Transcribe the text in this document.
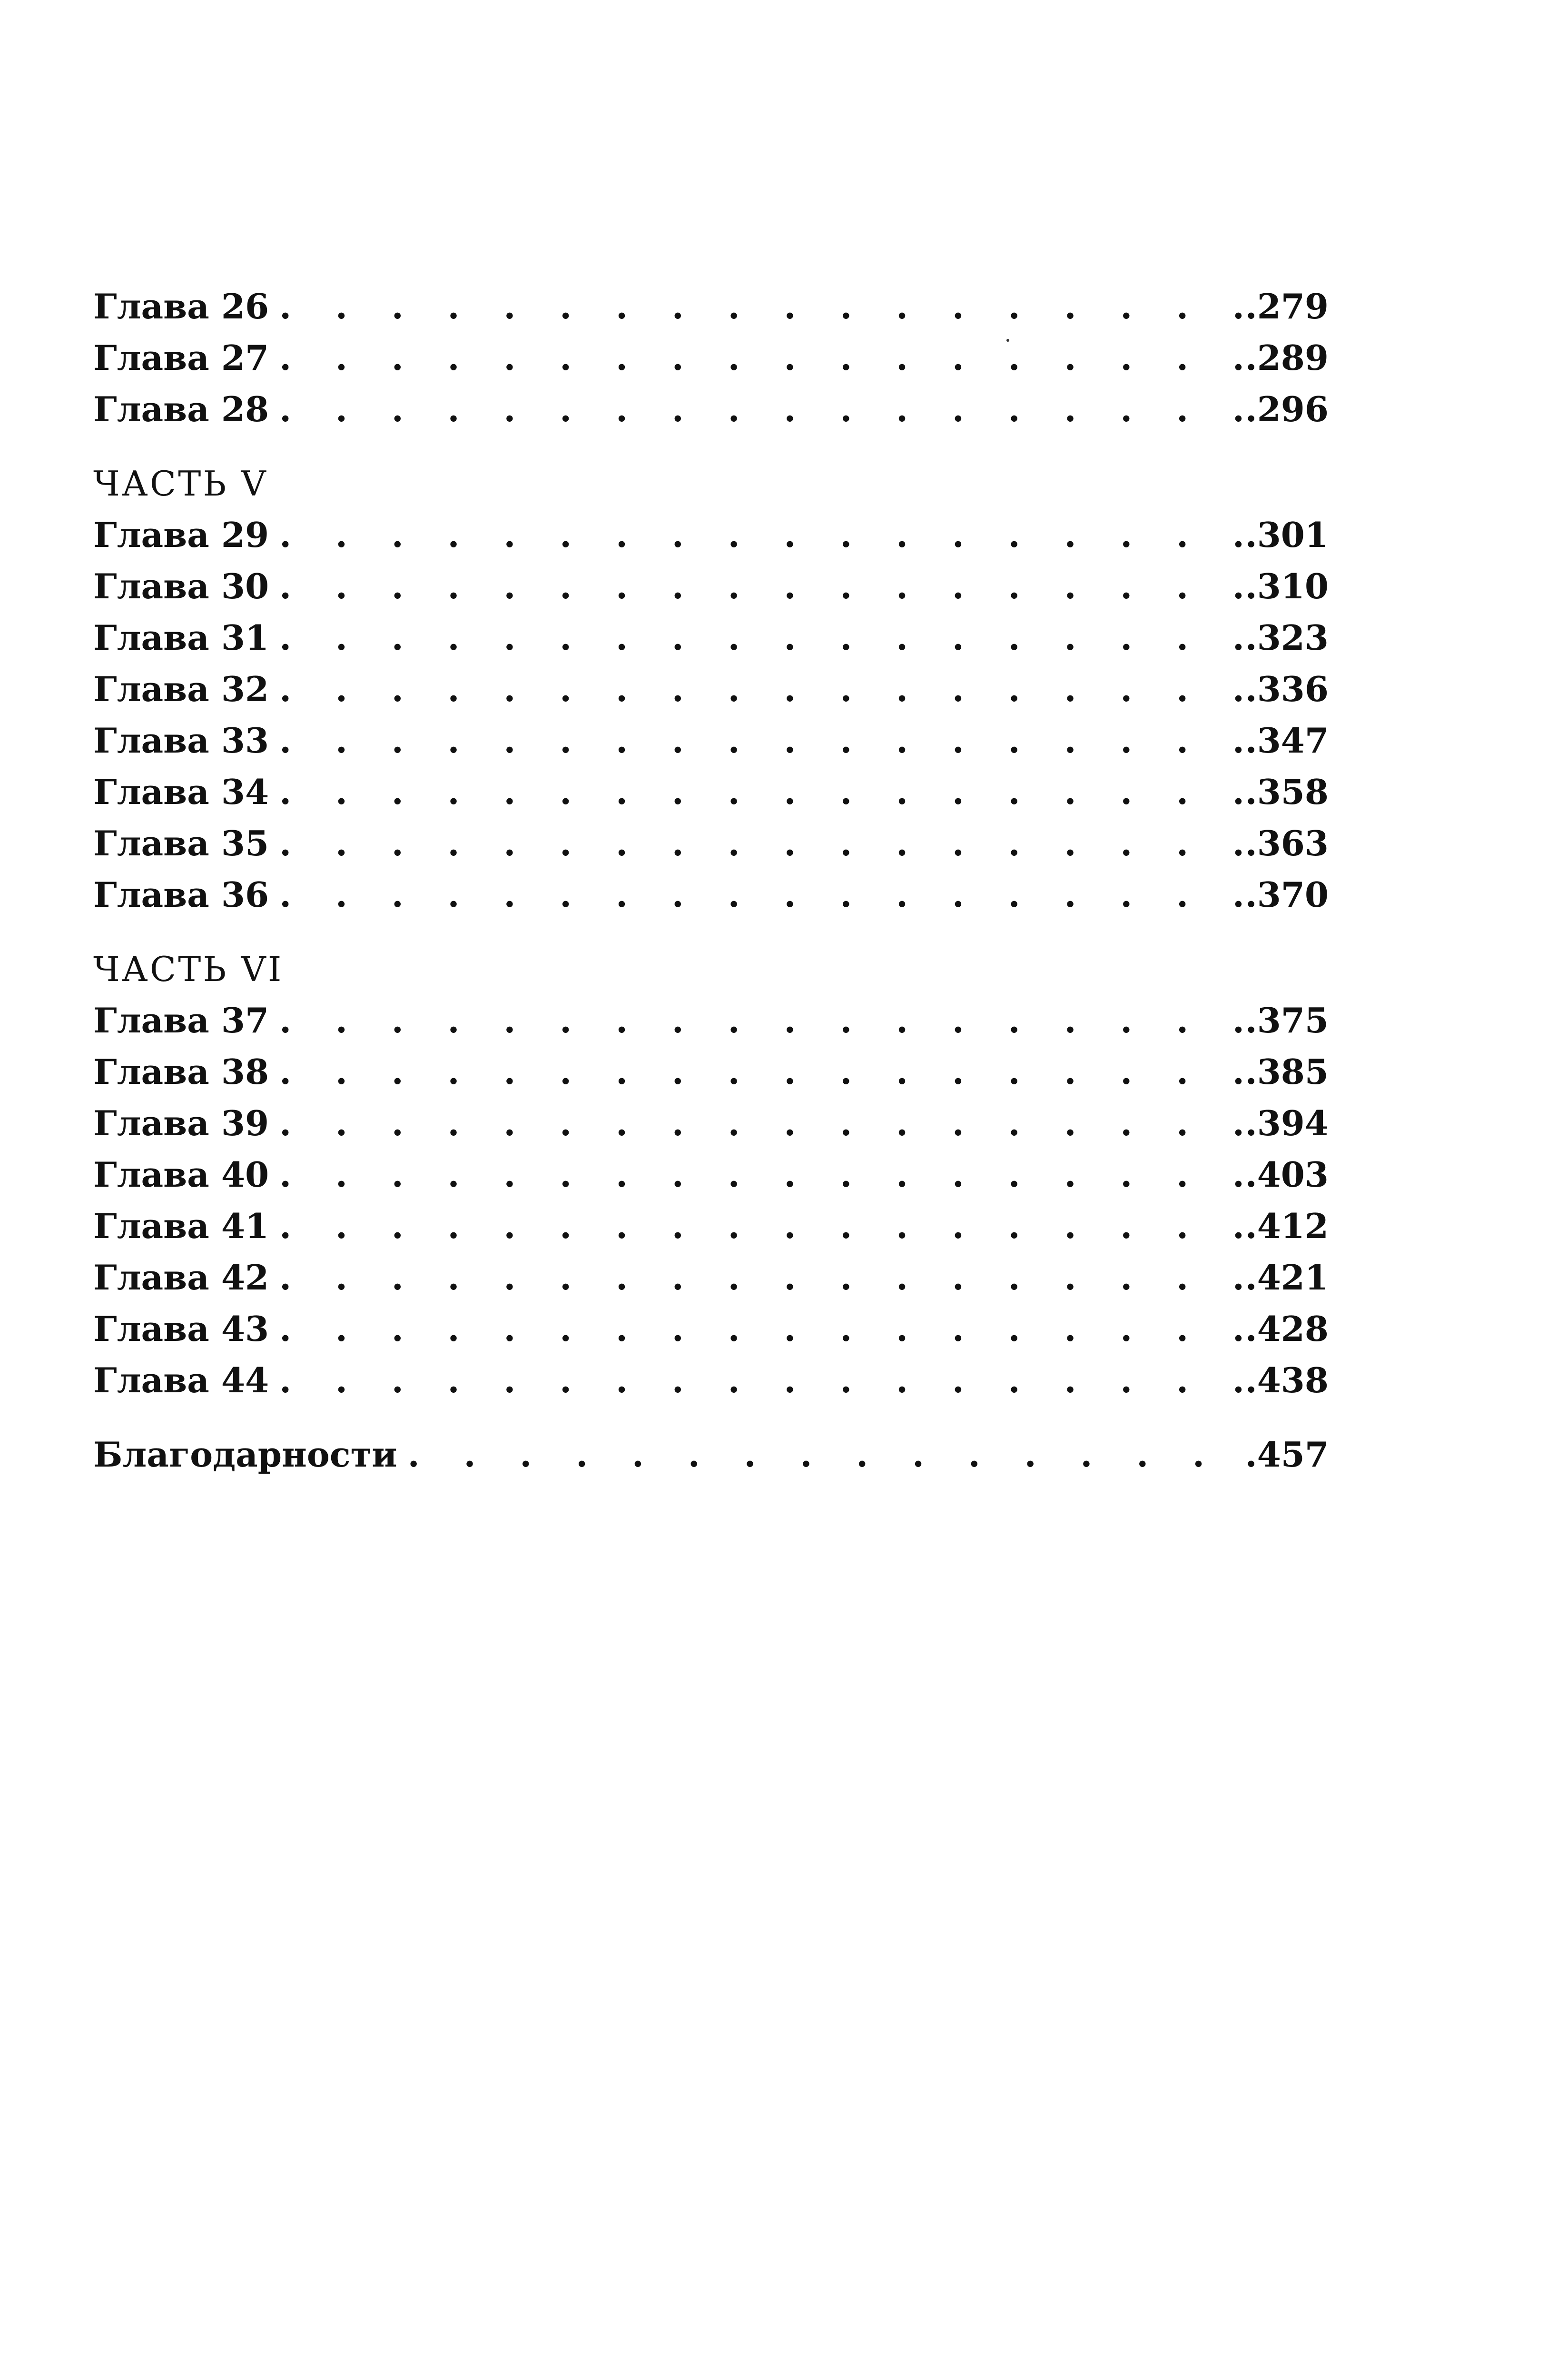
Глава 26 . . .	.279
Глава 27 . . .	.289
Глава 28 . . .	.296
ЧАСТЬ V
Глава 29 . . .	.301
Глава 30 . . .	.310
Глава 31 . . .	.323
Глава 32 . . .	.336
Глава 33 . . .	.347
Глава 34 . . .	.358
Глава 35 . . .	.363
Глава 36 . . .	.370
ЧАСТЬ VI
Глава 37 . . .	.375
Глава 38 . . .	.385
Глава 39 . . .	.394
Глава 40 . . .	.403
Глава 41 . . .	.412
Глава 42 . . .	.421
Глава 43 . . .	.428
Глава 44 . . .	.438
Благодарности . . .	.457
